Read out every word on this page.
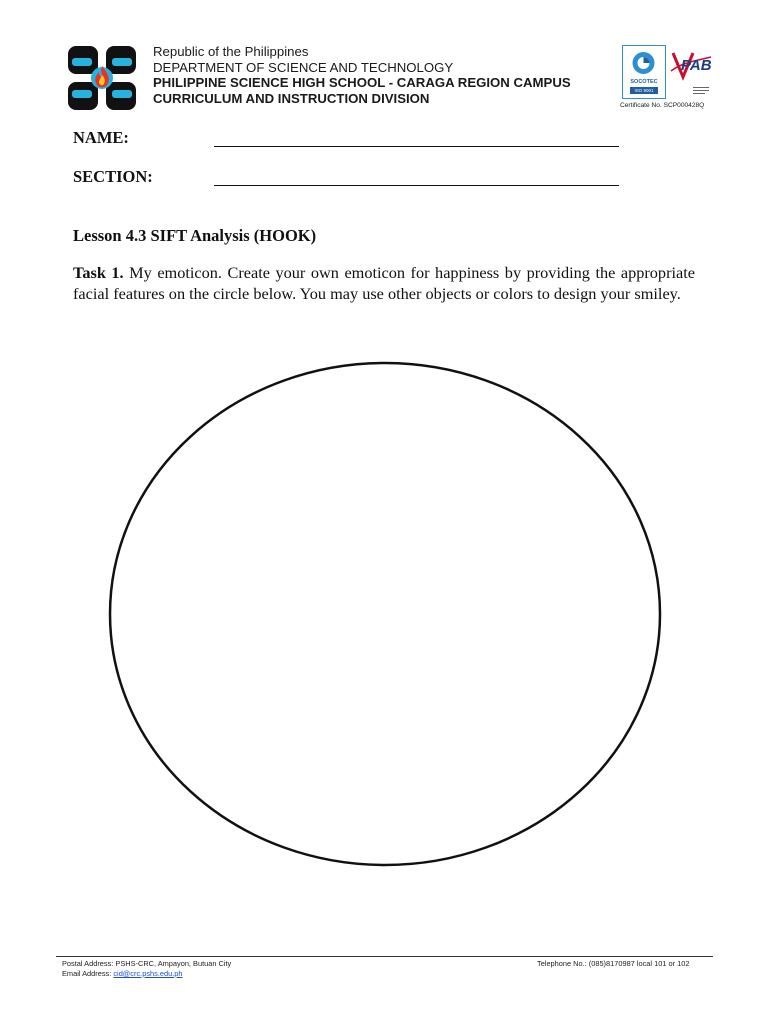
Republic of the Philippines
DEPARTMENT OF SCIENCE AND TECHNOLOGY
PHILIPPINE SCIENCE HIGH SCHOOL - CARAGA REGION CAMPUS
CURRICULUM AND INSTRUCTION DIVISION
SOCOTEC
ISO 9001
PAB
Certificate No. SCP000428Q
NAME:
SECTION:
Lesson 4.3 SIFT Analysis (HOOK)
Task 1. My emoticon. Create your own emoticon for happiness by providing the appropriate facial features on the circle below. You may use other objects or colors to design your smiley.
Postal Address: PSHS-CRC, Ampayon, Butuan City
Email Address: cid@crc.pshs.edu.ph
Telephone No.: (085)8170987 local 101 or 102
